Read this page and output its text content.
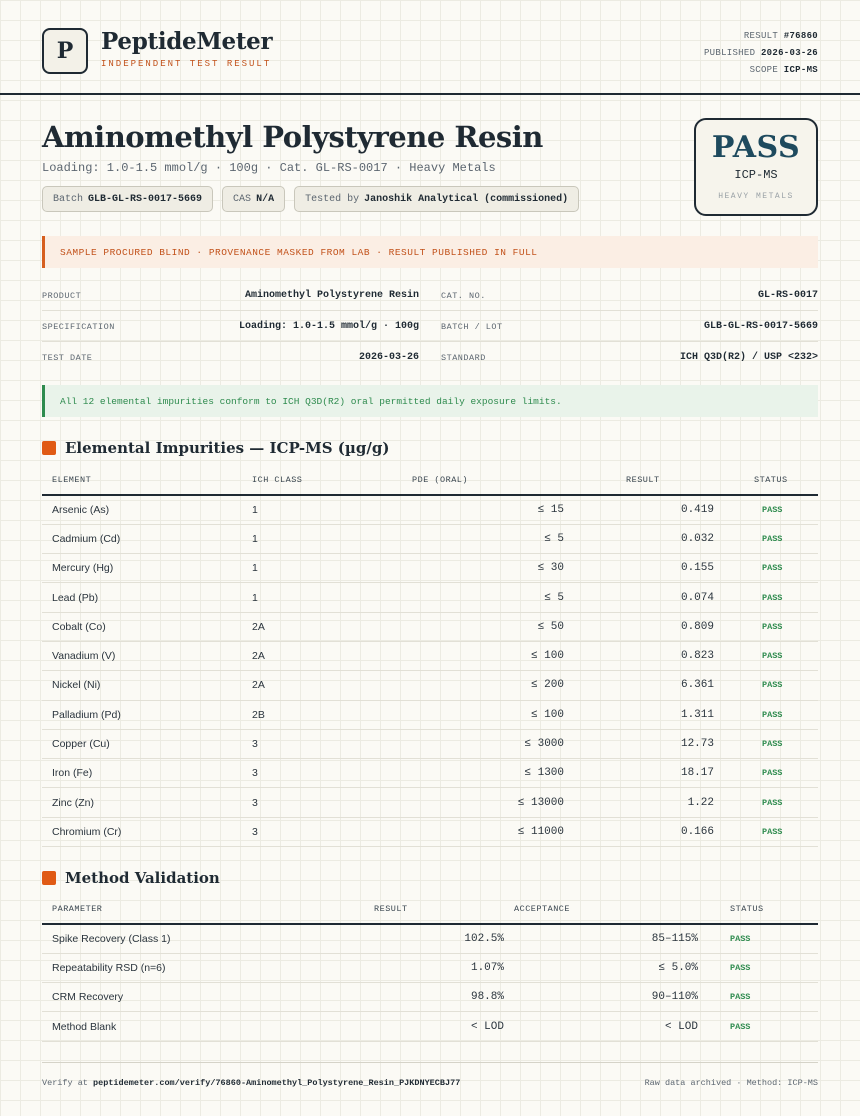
P	PeptideMeter
INDEPENDENT TEST RESULT
RESULT #76860
PUBLISHED 2026-03-26
SCOPE ICP-MS
Aminomethyl Polystyrene Resin
Loading: 1.0-1.5 mmol/g · 100g · Cat. GL-RS-0017 · Heavy Metals
Batch GLB-GL-RS-0017-5669	CAS N/A	Tested by Janoshik Analytical (commissioned)
PASS
ICP-MS
HEAVY METALS
SAMPLE PROCURED BLIND · PROVENANCE MASKED FROM LAB · RESULT PUBLISHED IN FULL
PRODUCT	Aminomethyl Polystyrene Resin	CAT. NO.	GL-RS-0017
SPECIFICATION	Loading: 1.0-1.5 mmol/g · 100g	BATCH / LOT	GLB-GL-RS-0017-5669
TEST DATE	2026-03-26	STANDARD	ICH Q3D(R2) / USP <232>
All 12 elemental impurities conform to ICH Q3D(R2) oral permitted daily exposure limits.
Elemental Impurities — ICP-MS (µg/g)
ELEMENT	ICH CLASS	PDE (ORAL)	RESULT	STATUS
Arsenic (As)	1	≤ 15	0.419	PASS
Cadmium (Cd)	1	≤ 5	0.032	PASS
Mercury (Hg)	1	≤ 30	0.155	PASS
Lead (Pb)	1	≤ 5	0.074	PASS
Cobalt (Co)	2A	≤ 50	0.809	PASS
Vanadium (V)	2A	≤ 100	0.823	PASS
Nickel (Ni)	2A	≤ 200	6.361	PASS
Palladium (Pd)	2B	≤ 100	1.311	PASS
Copper (Cu)	3	≤ 3000	12.73	PASS
Iron (Fe)	3	≤ 1300	18.17	PASS
Zinc (Zn)	3	≤ 13000	1.22	PASS
Chromium (Cr)	3	≤ 11000	0.166	PASS
Method Validation
PARAMETER	RESULT	ACCEPTANCE	STATUS
Spike Recovery (Class 1)	102.5%	85–115%	PASS
Repeatability RSD (n=6)	1.07%	≤ 5.0%	PASS
CRM Recovery	98.8%	90–110%	PASS
Method Blank	< LOD	< LOD	PASS
Verify at peptidemeter.com/verify/76860-Aminomethyl_Polystyrene_Resin_PJKDNYECBJ77	Raw data archived · Method: ICP-MS
